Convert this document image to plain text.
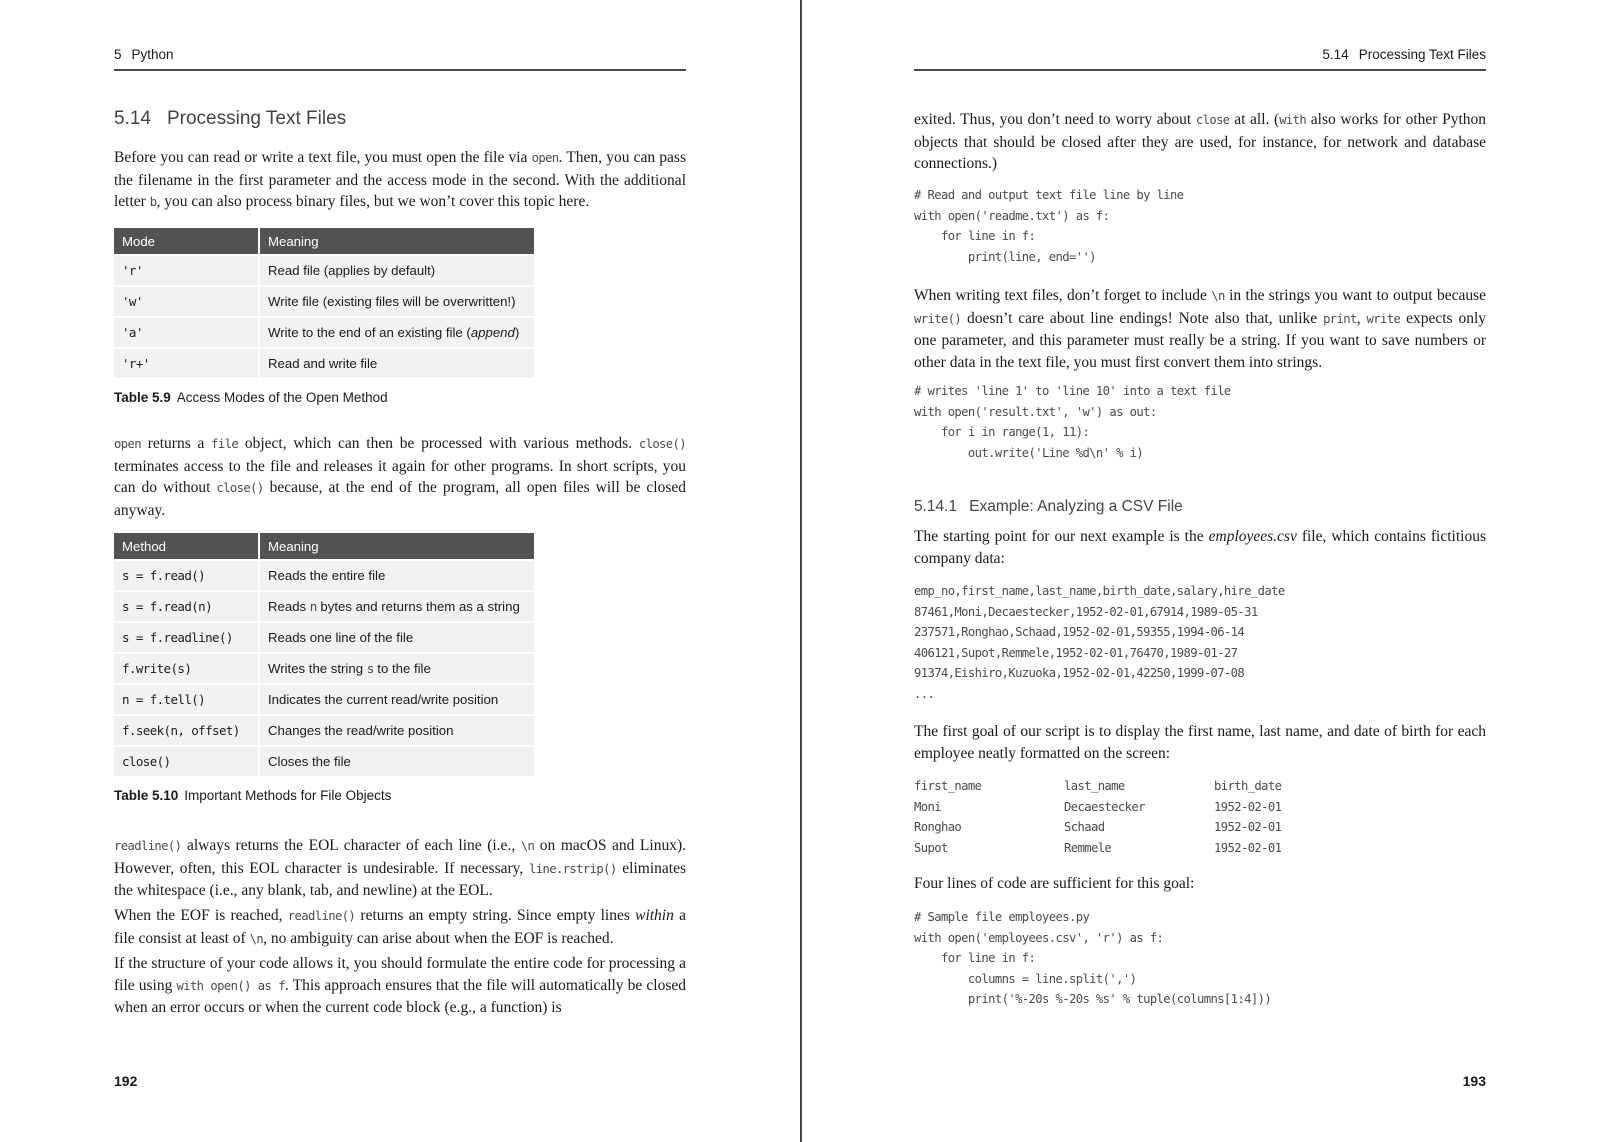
5 Python
5.14 Processing Text Files

Before you can read or write a text file, you must open the file via open. Then, you can pass the filename in the first parameter and the access mode in the second. With the additional letter b, you can also process binary files, but we won’t cover this topic here.

Mode	Meaning
'r'	Read file (applies by default)
'w'	Write file (existing files will be overwritten!)
'a'	Write to the end of an existing file (append)
'r+'	Read and write file
Table 5.9 Access Modes of the Open Method

open returns a file object, which can then be processed with various methods. close() terminates access to the file and releases it again for other programs. In short scripts, you can do without close() because, at the end of the program, all open files will be closed anyway.

Method	Meaning
s = f.read()	Reads the entire file
s = f.read(n)	Reads n bytes and returns them as a string
s = f.readline()	Reads one line of the file
f.write(s)	Writes the string s to the file
n = f.tell()	Indicates the current read/write position
f.seek(n, offset)	Changes the read/write position
close()	Closes the file
Table 5.10 Important Methods for File Objects

readline() always returns the EOL character of each line (i.e., \n on macOS and Linux). However, often, this EOL character is undesirable. If necessary, line.rstrip() eliminates the whitespace (i.e., any blank, tab, and newline) at the EOL.

When the EOF is reached, readline() returns an empty string. Since empty lines within a file consist at least of \n, no ambiguity can arise about when the EOF is reached.

If the structure of your code allows it, you should formulate the entire code for processing a file using with open() as f. This approach ensures that the file will automatically be closed when an error occurs or when the current code block (e.g., a function) is

192
5.14 Processing Text Files

exited. Thus, you don’t need to worry about close at all. (with also works for other Python objects that should be closed after they are used, for instance, for network and database connections.)

# Read and output text file line by line
with open('readme.txt') as f:
for line in f:
print(line, end='')

When writing text files, don’t forget to include \n in the strings you want to output because write() doesn’t care about line endings! Note also that, unlike print, write expects only one parameter, and this parameter must really be a string. If you want to save numbers or other data in the text file, you must first convert them into strings.

# writes 'line 1' to 'line 10' into a text file
with open('result.txt', 'w') as out:
for i in range(1, 11):
out.write('Line %d\n' % i)
5.14.1 Example: Analyzing a CSV File

The starting point for our next example is the employees.csv file, which contains fictitious company data:

emp_no,first_name,last_name,birth_date,salary,hire_date
87461,Moni,Decaestecker,1952-02-01,67914,1989-05-31
237571,Ronghao,Schaad,1952-02-01,59355,1994-06-14
406121,Supot,Remmele,1952-02-01,76470,1989-01-27
91374,Eishiro,Kuzuoka,1952-02-01,42250,1999-07-08
...

The first goal of our script is to display the first name, last name, and date of birth for each employee neatly formatted on the screen:

first_name	last_name	birth_date
Moni	Decaestecker	1952-02-01
Ronghao	Schaad	1952-02-01
Supot	Remmele	1952-02-01

Four lines of code are sufficient for this goal:

# Sample file employees.py
with open('employees.csv', 'r') as f:
for line in f:
columns = line.split(',')
print('%-20s %-20s %s' % tuple(columns[1:4]))
193
